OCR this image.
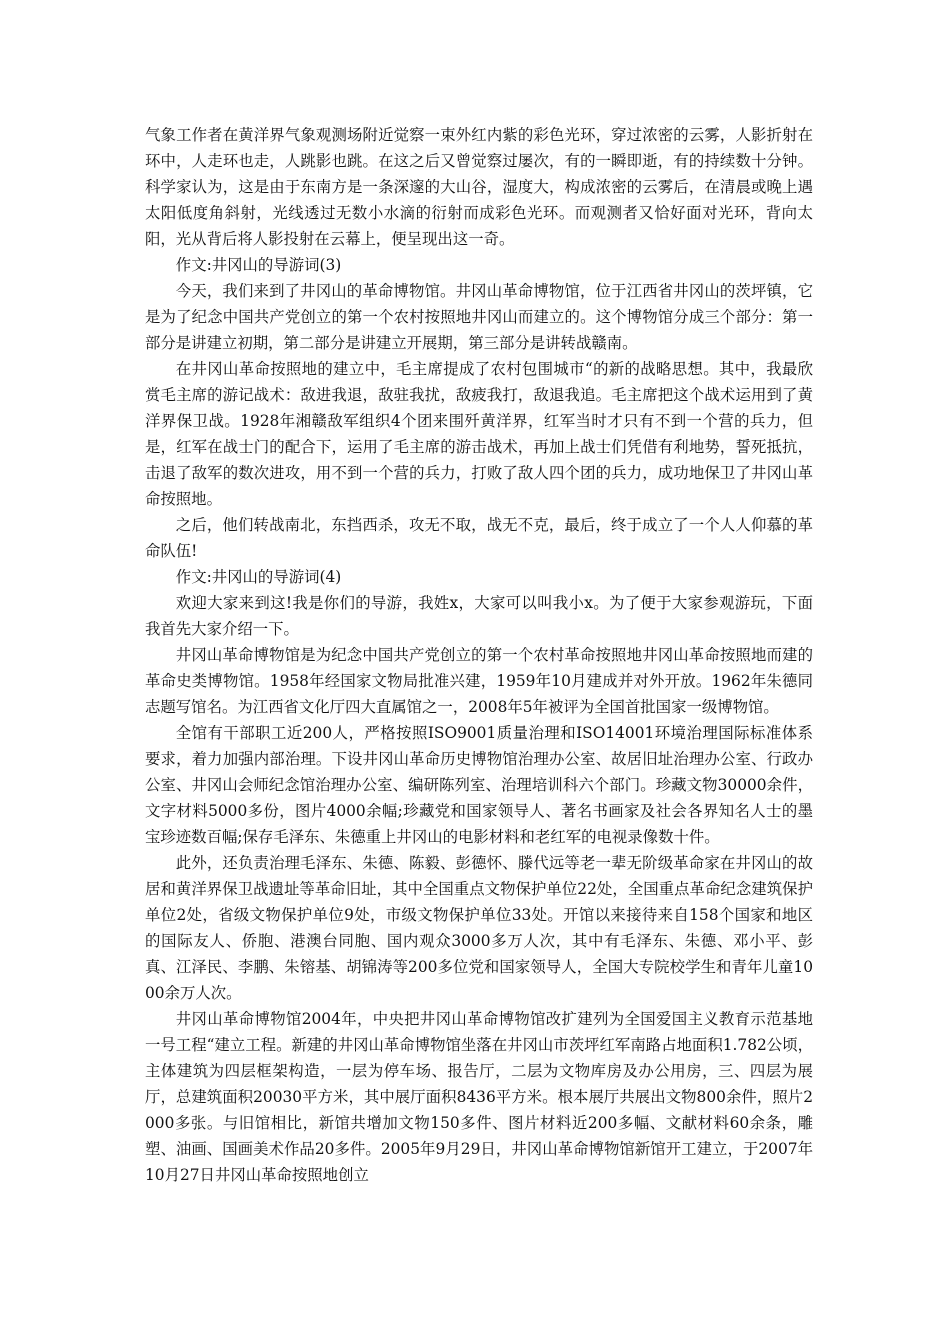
气象工作者在黄洋界气象观测场附近觉察一束外红内紫的彩色光环，穿过浓密的云雾，人影折射在环中，人走环也走，人跳影也跳。在这之后又曾觉察过屡次，有的一瞬即逝，有的持续数十分钟。科学家认为，这是由于东南方是一条深邃的大山谷，湿度大，构成浓密的云雾后，在清晨或晚上遇太阳低度角斜射，光线透过无数小水滴的衍射而成彩色光环。而观测者又恰好面对光环，背向太阳，光从背后将人影投射在云幕上，便呈现出这一奇。

作文:井冈山的导游词(3)

今天，我们来到了井冈山的革命博物馆。井冈山革命博物馆，位于江西省井冈山的茨坪镇，它是为了纪念中国共产党创立的第一个农村按照地井冈山而建立的。这个博物馆分成三个部分：第一部分是讲建立初期，第二部分是讲建立开展期，第三部分是讲转战赣南。

在井冈山革命按照地的建立中，毛主席提成了农村包围城市“的新的战略思想。其中，我最欣赏毛主席的游记战术：敌进我退，敌驻我扰，敌疲我打，敌退我追。毛主席把这个战术运用到了黄洋界保卫战。1928年湘赣敌军组织4个团来围歼黄洋界，红军当时才只有不到一个营的兵力，但是，红军在战士门的配合下，运用了毛主席的游击战术，再加上战士们凭借有利地势，誓死抵抗，击退了敌军的数次进攻，用不到一个营的兵力，打败了敌人四个团的兵力，成功地保卫了井冈山革命按照地。

之后，他们转战南北，东挡西杀，攻无不取，战无不克，最后，终于成立了一个人人仰慕的革命队伍!

作文:井冈山的导游词(4)

欢迎大家来到这!我是你们的导游，我姓x，大家可以叫我小x。为了便于大家参观游玩，下面我首先大家介绍一下。

井冈山革命博物馆是为纪念中国共产党创立的第一个农村革命按照地井冈山革命按照地而建的革命史类博物馆。1958年经国家文物局批准兴建，1959年10月建成并对外开放。1962年朱德同志题写馆名。为江西省文化厅四大直属馆之一，2008年5年被评为全国首批国家一级博物馆。

全馆有干部职工近200人，严格按照ISO9001质量治理和ISO14001环境治理国际标准体系要求，着力加强内部治理。下设井冈山革命历史博物馆治理办公室、故居旧址治理办公室、行政办公室、井冈山会师纪念馆治理办公室、编研陈列室、治理培训科六个部门。珍藏文物30000余件，文字材料5000多份，图片4000余幅;珍藏党和国家领导人、著名书画家及社会各界知名人士的墨宝珍迹数百幅;保存毛泽东、朱德重上井冈山的电影材料和老红军的电视录像数十件。

此外，还负责治理毛泽东、朱德、陈毅、彭德怀、滕代远等老一辈无阶级革命家在井冈山的故居和黄洋界保卫战遗址等革命旧址，其中全国重点文物保护单位22处，全国重点革命纪念建筑保护单位2处，省级文物保护单位9处，市级文物保护单位33处。开馆以来接待来自158个国家和地区的国际友人、侨胞、港澳台同胞、国内观众3000多万人次，其中有毛泽东、朱德、邓小平、彭真、江泽民、李鹏、朱镕基、胡锦涛等200多位党和国家领导人，全国大专院校学生和青年儿童1000余万人次。

井冈山革命博物馆2004年，中央把井冈山革命博物馆改扩建列为全国爱国主义教育示范基地一号工程“建立工程。新建的井冈山革命博物馆坐落在井冈山市茨坪红军南路占地面积1.782公顷，主体建筑为四层框架构造，一层为停车场、报告厅，二层为文物库房及办公用房，三、四层为展厅，总建筑面积20030平方米，其中展厅面积8436平方米。根本展厅共展出文物800余件，照片2000多张。与旧馆相比，新馆共增加文物150多件、图片材料近200多幅、文献材料60余条，雕塑、油画、国画美术作品20多件。2005年9月29日，井冈山革命博物馆新馆开工建立，于2007年10月27日井冈山革命按照地创立
